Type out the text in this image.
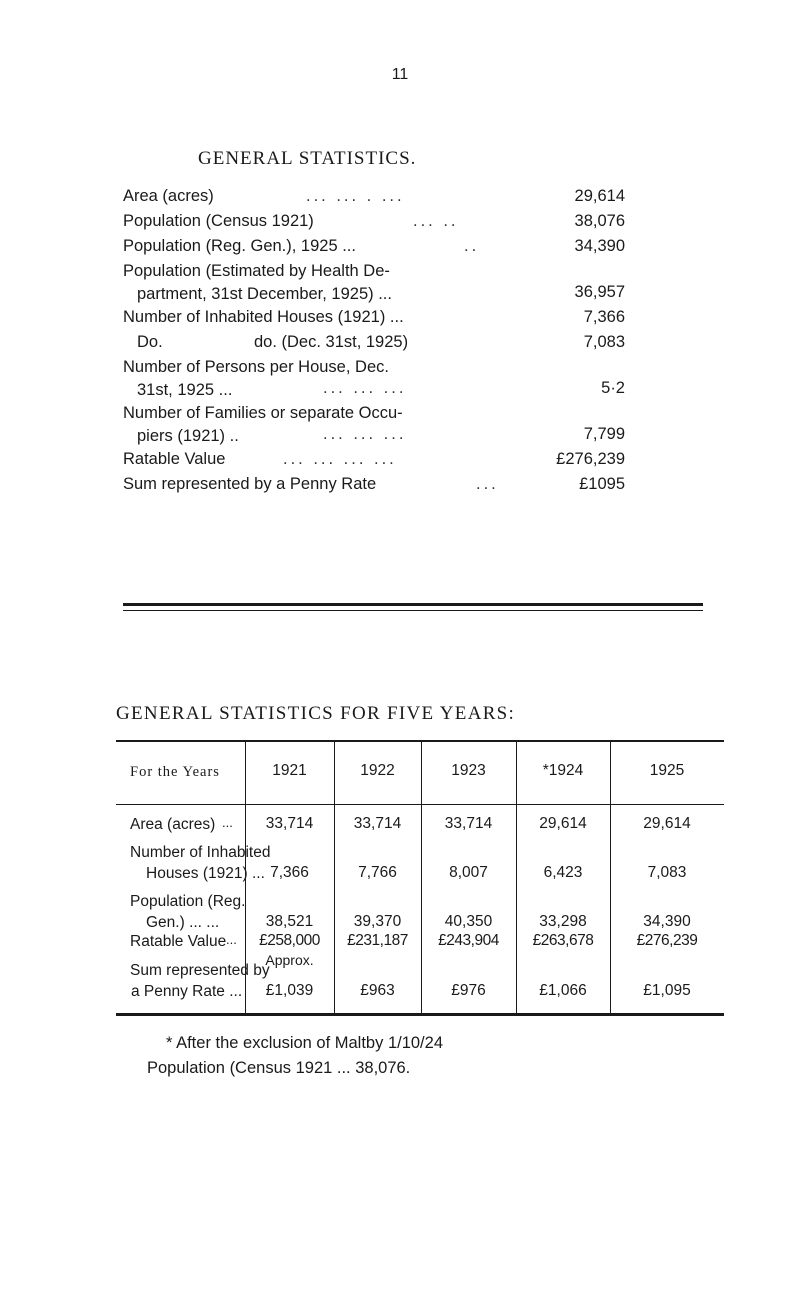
11
GENERAL STATISTICS.
Area (acres)	... ... . ...	29,614
Population (Census 1921)	... ..	38,076
Population (Reg. Gen.), 1925 ...	..	34,390
Population (Estimated by Health De-
partment, 31st December, 1925) ...	36,957
Number of Inhabited Houses (1921) ...	7,366
Do.	do. (Dec. 31st, 1925)	7,083
Number of Persons per House, Dec.
31st, 1925 ...	... ... ...	5·2
Number of Families or separate Occu-
piers (1921) ..	... ... ...	7,799
Ratable Value	... ... ... ...	£276,239
Sum represented by a Penny Rate	...	£1095
GENERAL STATISTICS FOR FIVE YEARS:
For the Years	1921	1922	1923	*1924	1925
Area (acres) ...	33,714	33,714	33,714	29,614	29,614
Number of Inhabited
Houses (1921) ... 7,366	7,766	8,007	6,423	7,083
Population (Reg.
Gen.) ... ...	38,521	39,370	40,350	33,298	34,390
Ratable Value ...	£258,000	£231,187	£243,904	£263,678	£276,239
Approx.
Sum represented by
a Penny Rate ...	£1,039	£963	£976	£1,066	£1,095
* After the exclusion of Maltby 1/10/24
Population (Census 1921 ... 38,076.
